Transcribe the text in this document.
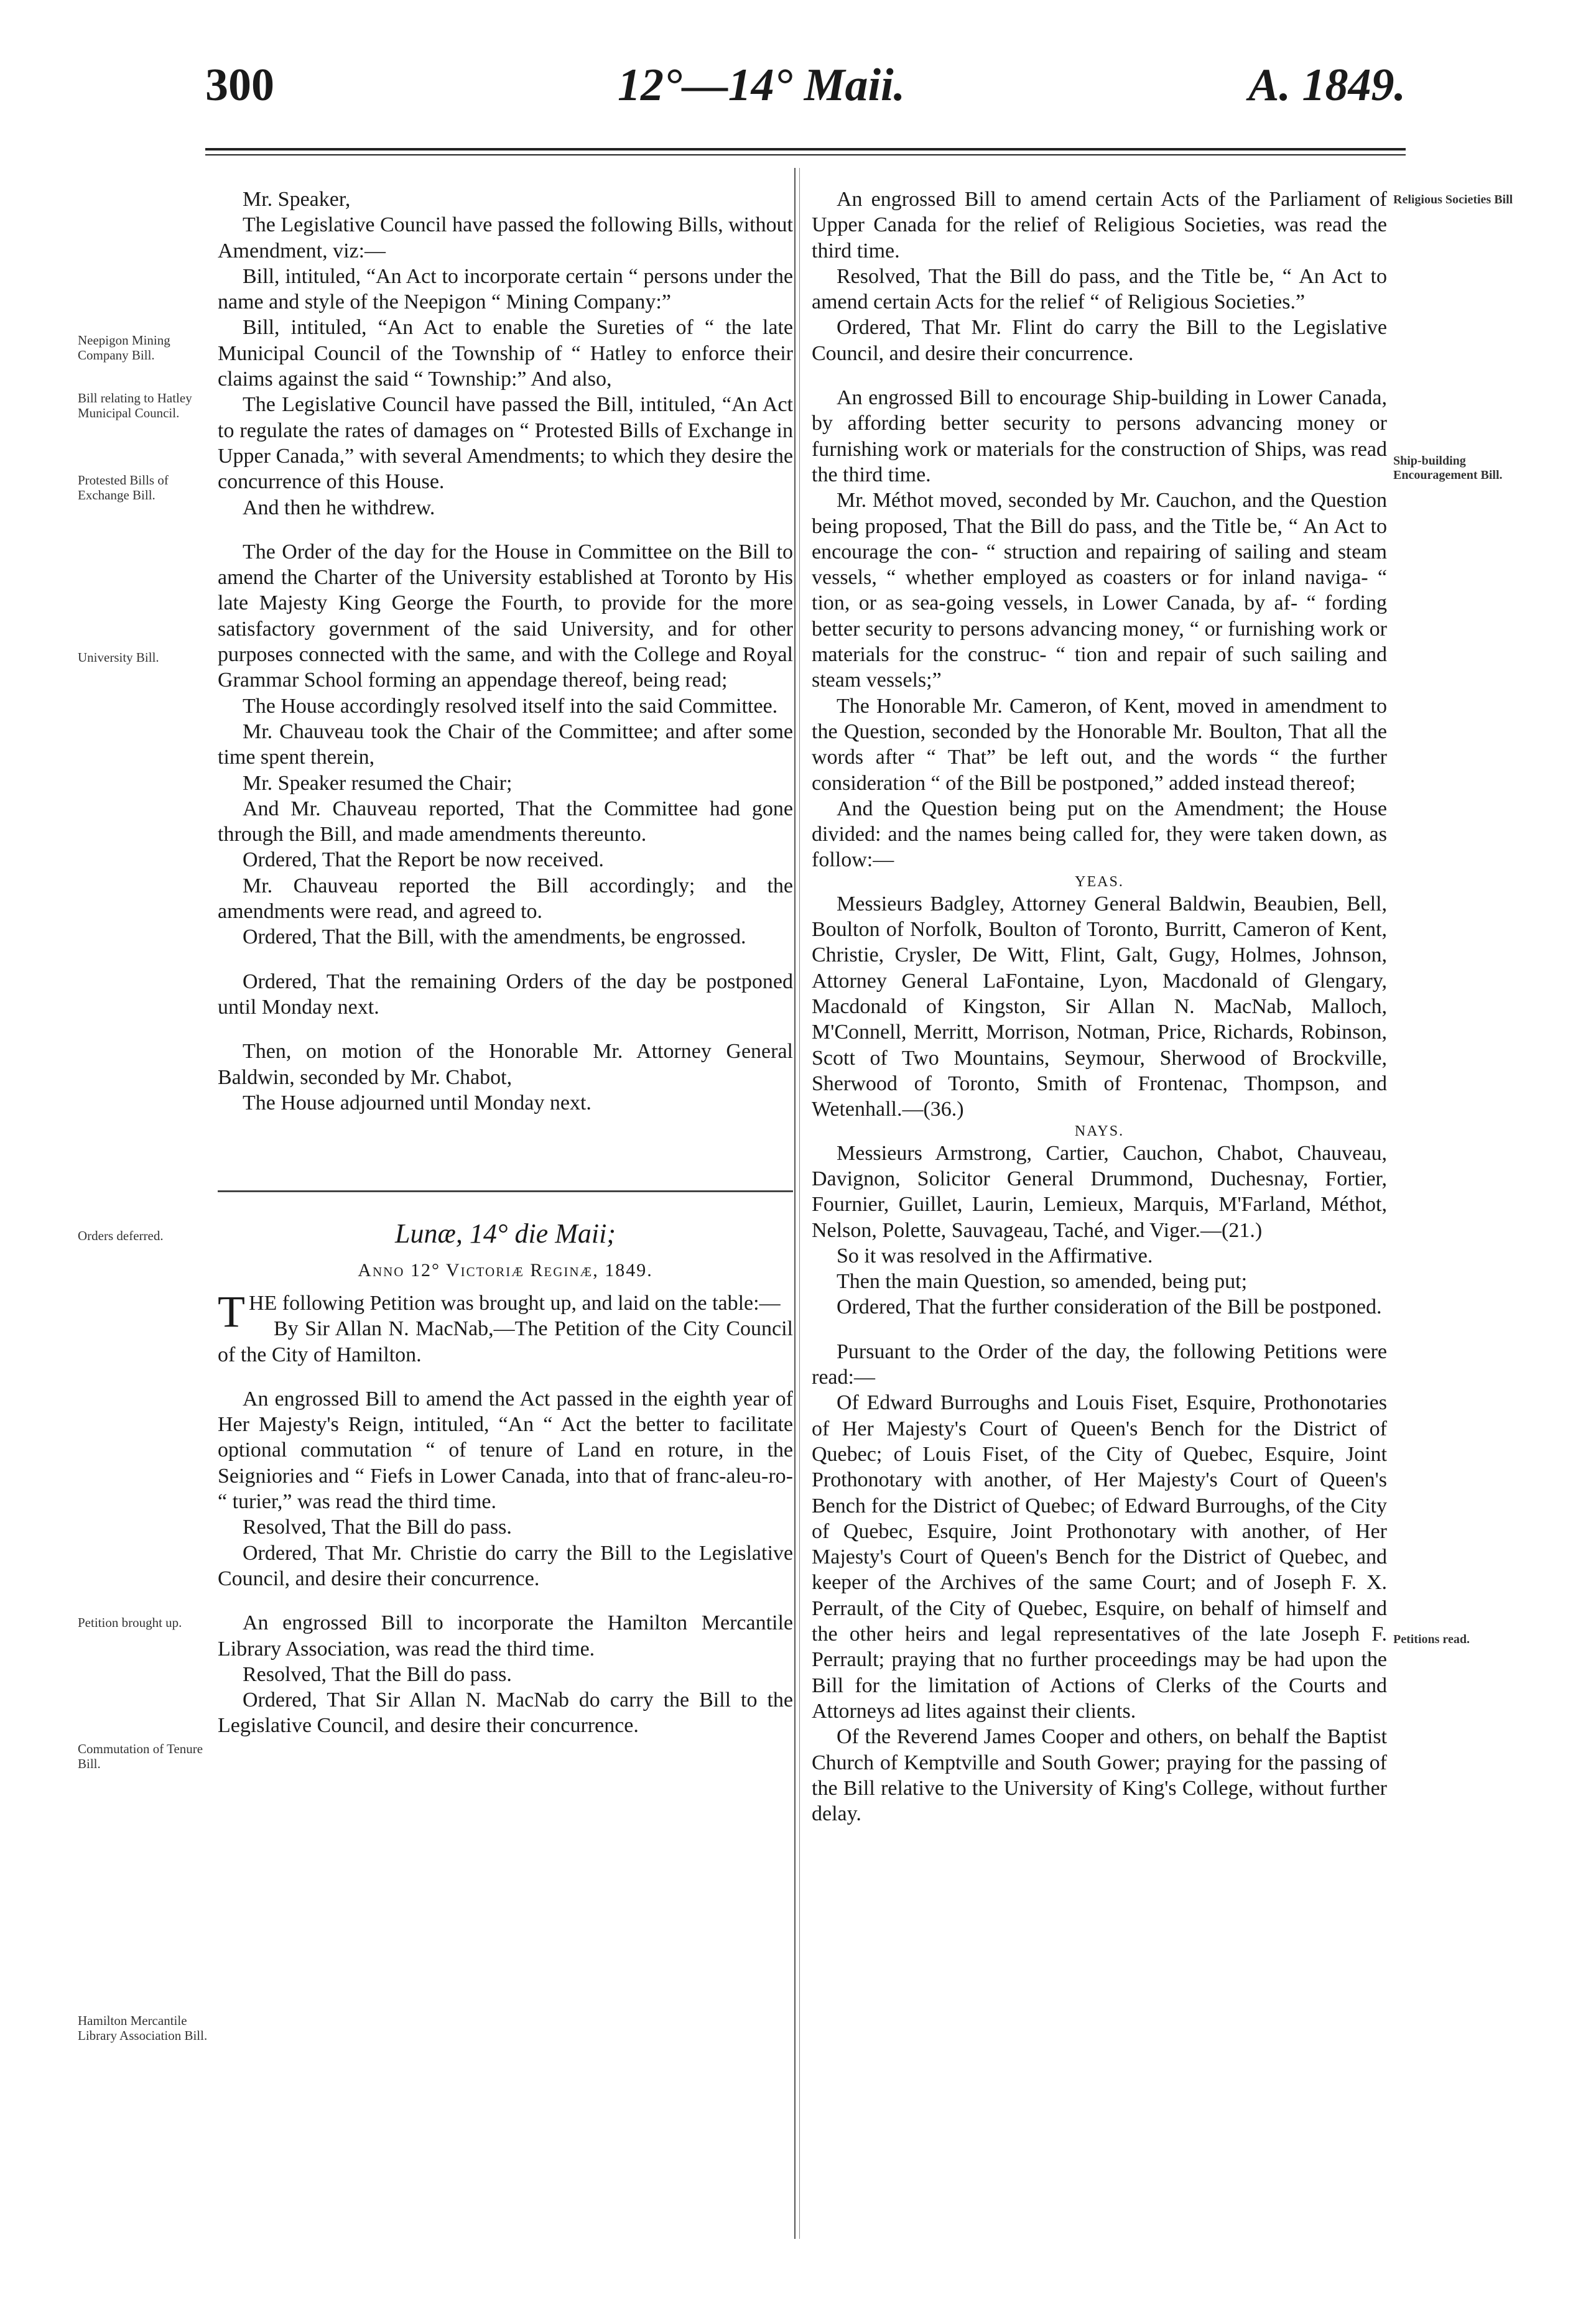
300	12°—14° Maii.	A. 1849.
Neepigon Mining Company Bill.
Bill relating to Hatley Municipal Council.
Protested Bills of Exchange Bill.
University Bill.
Orders deferred.
Petition brought up.
Commutation of Tenure Bill.
Hamilton Mercantile Library Association Bill.
Religious Societies Bill
Ship-building Encouragement Bill.
Petitions read.

Mr. Speaker,

The Legislative Council have passed the following Bills, without Amendment, viz:—

Bill, intituled, “An Act to incorporate certain “ persons under the name and style of the Neepigon “ Mining Company:”

Bill, intituled, “An Act to enable the Sureties of “ the late Municipal Council of the Township of “ Hatley to enforce their claims against the said “ Township:” And also,

The Legislative Council have passed the Bill, intituled, “An Act to regulate the rates of damages on “ Protested Bills of Exchange in Upper Canada,” with several Amendments; to which they desire the concurrence of this House.

And then he withdrew.

The Order of the day for the House in Committee on the Bill to amend the Charter of the University established at Toronto by His late Majesty King George the Fourth, to provide for the more satisfactory government of the said University, and for other purposes connected with the same, and with the College and Royal Grammar School forming an appendage thereof, being read;

The House accordingly resolved itself into the said Committee.

Mr. Chauveau took the Chair of the Committee; and after some time spent therein,

Mr. Speaker resumed the Chair;

And Mr. Chauveau reported, That the Committee had gone through the Bill, and made amendments thereunto.

Ordered, That the Report be now received.

Mr. Chauveau reported the Bill accordingly; and the amendments were read, and agreed to.

Ordered, That the Bill, with the amendments, be engrossed.

Ordered, That the remaining Orders of the day be postponed until Monday next.

Then, on motion of the Honorable Mr. Attorney General Baldwin, seconded by Mr. Chabot,

The House adjourned until Monday next.

Lunæ, 14° die Maii;
Anno 12° Victoriæ Reginæ, 1849.

THE following Petition was brought up, and laid on the table:—

By Sir Allan N. MacNab,—The Petition of the City Council of the City of Hamilton.

An engrossed Bill to amend the Act passed in the eighth year of Her Majesty's Reign, intituled, “An “ Act the better to facilitate optional commutation “ of tenure of Land en roture, in the Seigniories and “ Fiefs in Lower Canada, into that of franc-aleu-ro- “ turier,” was read the third time.

Resolved, That the Bill do pass.

Ordered, That Mr. Christie do carry the Bill to the Legislative Council, and desire their concurrence.

An engrossed Bill to incorporate the Hamilton Mercantile Library Association, was read the third time.

Resolved, That the Bill do pass.

Ordered, That Sir Allan N. MacNab do carry the Bill to the Legislative Council, and desire their concurrence.

An engrossed Bill to amend certain Acts of the Parliament of Upper Canada for the relief of Religious Societies, was read the third time.

Resolved, That the Bill do pass, and the Title be, “ An Act to amend certain Acts for the relief “ of Religious Societies.”

Ordered, That Mr. Flint do carry the Bill to the Legislative Council, and desire their concurrence.

An engrossed Bill to encourage Ship-building in Lower Canada, by affording better security to persons advancing money or furnishing work or materials for the construction of Ships, was read the third time.

Mr. Méthot moved, seconded by Mr. Cauchon, and the Question being proposed, That the Bill do pass, and the Title be, “ An Act to encourage the con- “ struction and repairing of sailing and steam vessels, “ whether employed as coasters or for inland naviga- “ tion, or as sea-going vessels, in Lower Canada, by af- “ fording better security to persons advancing money, “ or furnishing work or materials for the construc- “ tion and repair of such sailing and steam vessels;”

The Honorable Mr. Cameron, of Kent, moved in amendment to the Question, seconded by the Honorable Mr. Boulton, That all the words after “ That” be left out, and the words “ the further consideration “ of the Bill be postponed,” added instead thereof;

And the Question being put on the Amendment; the House divided: and the names being called for, they were taken down, as follow:—

YEAS.

Messieurs Badgley, Attorney General Baldwin, Beaubien, Bell, Boulton of Norfolk, Boulton of Toronto, Burritt, Cameron of Kent, Christie, Crysler, De Witt, Flint, Galt, Gugy, Holmes, Johnson, Attorney General LaFontaine, Lyon, Macdonald of Glengary, Macdonald of Kingston, Sir Allan N. MacNab, Malloch, M'Connell, Merritt, Morrison, Notman, Price, Richards, Robinson, Scott of Two Mountains, Seymour, Sherwood of Brockville, Sherwood of Toronto, Smith of Frontenac, Thompson, and Wetenhall.—(36.)

NAYS.

Messieurs Armstrong, Cartier, Cauchon, Chabot, Chauveau, Davignon, Solicitor General Drummond, Duchesnay, Fortier, Fournier, Guillet, Laurin, Lemieux, Marquis, M'Farland, Méthot, Nelson, Polette, Sauvageau, Taché, and Viger.—(21.)

So it was resolved in the Affirmative.

Then the main Question, so amended, being put;

Ordered, That the further consideration of the Bill be postponed.

Pursuant to the Order of the day, the following Petitions were read:—

Of Edward Burroughs and Louis Fiset, Esquire, Prothonotaries of Her Majesty's Court of Queen's Bench for the District of Quebec; of Louis Fiset, of the City of Quebec, Esquire, Joint Prothonotary with another, of Her Majesty's Court of Queen's Bench for the District of Quebec; of Edward Burroughs, of the City of Quebec, Esquire, Joint Prothonotary with another, of Her Majesty's Court of Queen's Bench for the District of Quebec, and keeper of the Archives of the same Court; and of Joseph F. X. Perrault, of the City of Quebec, Esquire, on behalf of himself and the other heirs and legal representatives of the late Joseph F. Perrault; praying that no further proceedings may be had upon the Bill for the limitation of Actions of Clerks of the Courts and Attorneys ad lites against their clients.

Of the Reverend James Cooper and others, on behalf the Baptist Church of Kemptville and South Gower; praying for the passing of the Bill relative to the University of King's College, without further delay.
